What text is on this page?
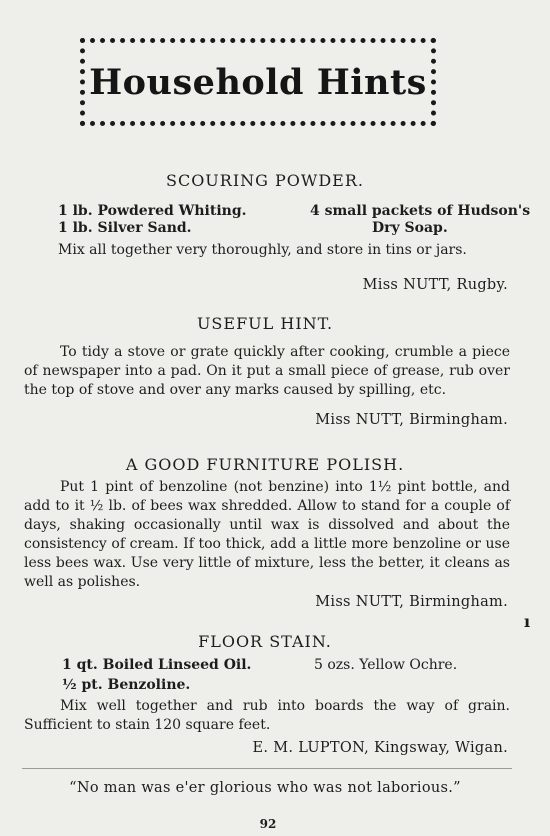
Household Hints
SCOURING POWDER.
1 lb. Powdered Whiting.	4 small packets of Hudson's
1 lb. Silver Sand.	Dry Soap.
Mix all together very thoroughly, and store in tins or jars.
Miss NUTT, Rugby.
USEFUL HINT.
To tidy a stove or grate quickly after cooking, crumble a piece of newspaper into a pad. On it put a small piece of grease, rub over the top of stove and over any marks caused by spilling, etc.
Miss NUTT, Birmingham.
A GOOD FURNITURE POLISH.
Put 1 pint of benzoline (not benzine) into 1½ pint bottle, and add to it ½ lb. of bees wax shredded. Allow to stand for a couple of days, shaking occasionally until wax is dissolved and about the consistency of cream. If too thick, add a little more benzoline or use less bees wax. Use very little of mixture, less the better, it cleans as well as polishes.
Miss NUTT, Birmingham.
ı
FLOOR STAIN.
1 qt. Boiled Linseed Oil.	5 ozs. Yellow Ochre.
½ pt. Benzoline.
Mix well together and rub into boards the way of grain. Sufficient to stain 120 square feet.
E. M. LUPTON, Kingsway, Wigan.
“No man was e'er glorious who was not laborious.”
92
